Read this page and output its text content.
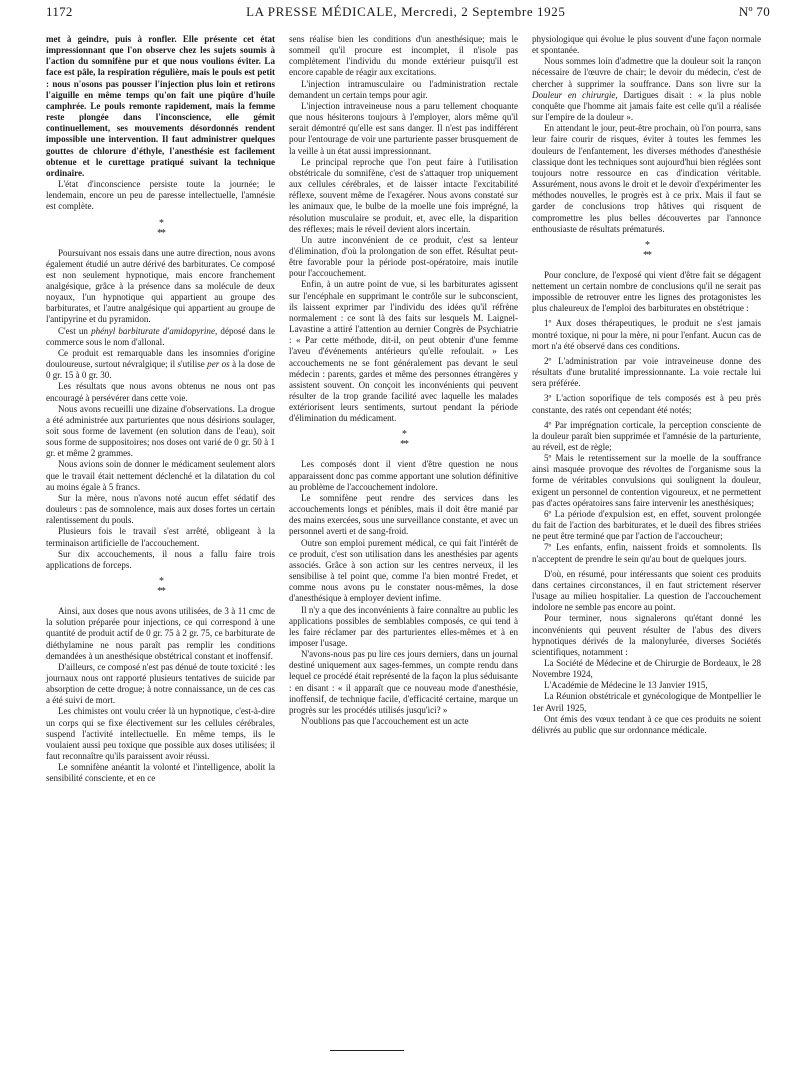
1172	LA PRESSE MÉDICALE, Mercredi, 2 Septembre 1925	Nº 70

met à geindre, puis à ronfler. Elle présente cet état impressionnant que l'on observe chez les sujets soumis à l'action du somnifène pur et que nous voulions éviter. La face est pâle, la respiration régulière, mais le pouls est petit : nous n'osons pas pousser l'injection plus loin et retirons l'aiguille en même temps qu'on fait une piqûre d'huile camphrée. Le pouls remonte rapidement, mais la femme reste plongée dans l'inconscience, elle gémit continuellement, ses mouvements désordonnés rendent impossible une intervention. Il faut administrer quelques gouttes de chlorure d'éthyle, l'anesthésie est facilement obtenue et le curettage pratiqué suivant la technique ordinaire.

L'état d'inconscience persiste toute la journée; le lendemain, encore un peu de paresse intellectuelle, l'amnésie est complète.

*
**

Poursuivant nos essais dans une autre direction, nous avons également étudié un autre dérivé des barbiturates. Ce composé est non seulement hypnotique, mais encore franchement analgésique, grâce à la présence dans sa molécule de deux noyaux, l'un hypnotique qui appartient au groupe des barbiturates, et l'autre analgésique qui appartient au groupe de l'antipyrine et du pyramidon.

C'est un phényl barbiturate d'amidopyrine, déposé dans le commerce sous le nom d'allonal.

Ce produit est remarquable dans les insomnies d'origine douloureuse, surtout névralgique; il s'utilise per os à la dose de 0 gr. 15 à 0 gr. 30.

Les résultats que nous avons obtenus ne nous ont pas encouragé à persévérer dans cette voie.

Nous avons recueilli une dizaine d'observations. La drogue a été administrée aux parturientes que nous désirions soulager, soit sous forme de lavement (en solution dans de l'eau), soit sous forme de suppositoires; nos doses ont varié de 0 gr. 50 à 1 gr. et même 2 grammes.

Nous avions soin de donner le médicament seulement alors que le travail était nettement déclenché et la dilatation du col au moins égale à 5 francs.

Sur la mère, nous n'avons noté aucun effet sédatif des douleurs : pas de somnolence, mais aux doses fortes un certain ralentissement du pouls.

Plusieurs fois le travail s'est arrêté, obligeant à la terminaison artificielle de l'accouchement.

Sur dix accouchements, il nous a fallu faire trois applications de forceps.

*
**

Ainsi, aux doses que nous avons utilisées, de 3 à 11 cmc de la solution préparée pour injections, ce qui correspond à une quantité de produit actif de 0 gr. 75 à 2 gr. 75, ce barbiturate de diéthylamine ne nous paraît pas remplir les conditions demandées à un anesthésique obstétrical constant et inoffensif.

D'ailleurs, ce composé n'est pas dénué de toute toxicité : les journaux nous ont rapporté plusieurs tentatives de suicide par absorption de cette drogue; à notre connaissance, un de ces cas a été suivi de mort.

Les chimistes ont voulu créer là un hypnotique, c'est-à-dire un corps qui se fixe électivement sur les cellules cérébrales, suspend l'activité intellectuelle. En même temps, ils le voulaient aussi peu toxique que possible aux doses utilisées; il faut reconnaître qu'ils paraissent avoir réussi.

Le somnifène anéantit la volonté et l'intelligence, abolit la sensibilité consciente, et en ce

sens réalise bien les conditions d'un anesthésique; mais le sommeil qu'il procure est incomplet, il n'isole pas complètement l'individu du monde extérieur puisqu'il est encore capable de réagir aux excitations.

L'injection intramusculaire ou l'administration rectale demandent un certain temps pour agir.

L'injection intraveineuse nous a paru tellement choquante que nous hésiterons toujours à l'employer, alors même qu'il serait démontré qu'elle est sans danger. Il n'est pas indifférent pour l'entourage de voir une parturiente passer brusquement de la veille à un état aussi impressionnant.

Le principal reproche que l'on peut faire à l'utilisation obstétricale du somnifène, c'est de s'attaquer trop uniquement aux cellules cérébrales, et de laisser intacte l'excitabilité réflexe, souvent même de l'exagérer. Nous avons constaté sur les animaux que, le bulbe de la moelle une fois imprégné, la résolution musculaire se produit, et, avec elle, la disparition des réflexes; mais le réveil devient alors incertain.

Un autre inconvénient de ce produit, c'est sa lenteur d'élimination, d'où la prolongation de son effet. Résultat peut-être favorable pour la période post-opératoire, mais inutile pour l'accouchement.

Enfin, à un autre point de vue, si les barbiturates agissent sur l'encéphale en supprimant le contrôle sur le subconscient, ils laissent exprimer par l'individu des idées qu'il réfrène normalement : ce sont là des faits sur lesquels M. Laignel-Lavastine a attiré l'attention au dernier Congrès de Psychiatrie : « Par cette méthode, dit-il, on peut obtenir d'une femme l'aveu d'événements antérieurs qu'elle refoulait. » Les accouchements ne se font généralement pas devant le seul médecin : parents, gardes et même des personnes étrangères y assistent souvent. On conçoit les inconvénients qui peuvent résulter de la trop grande facilité avec laquelle les malades extériorisent leurs sentiments, surtout pendant la période d'élimination du médicament.

*
**

Les composés dont il vient d'être question ne nous apparaissent donc pas comme apportant une solution définitive au problème de l'accouchement indolore.

Le somnifène peut rendre des services dans les accouchements longs et pénibles, mais il doit être manié par des mains exercées, sous une surveillance constante, et avec un personnel averti et de sang-froid.

Outre son emploi purement médical, ce qui fait l'intérêt de ce produit, c'est son utilisation dans les anesthésies par agents associés. Grâce à son action sur les centres nerveux, il les sensibilise à tel point que, comme l'a bien montré Fredet, et comme nous avons pu le constater nous-mêmes, la dose d'anesthésique à employer devient infime.

Il n'y a que des inconvénients à faire connaître au public les applications possibles de semblables composés, ce qui tend à les faire réclamer par des parturientes elles-mêmes et à en imposer l'usage.

N'avons-nous pas pu lire ces jours derniers, dans un journal destiné uniquement aux sages-femmes, un compte rendu dans lequel ce procédé était représenté de la façon la plus séduisante : en disant : « il apparaît que ce nouveau mode d'anesthésie, inoffensif, de technique facile, d'efficacité certaine, marque un progrès sur les procédés utilisés jusqu'ici? »

N'oublions pas que l'accouchement est un acte

physiologique qui évolue le plus souvent d'une façon normale et spontanée.

Nous sommes loin d'admettre que la douleur soit la rançon nécessaire de l'œuvre de chair; le devoir du médecin, c'est de chercher à supprimer la souffrance. Dans son livre sur la Douleur en chirurgie, Dartigues disait : « la plus noble conquête que l'homme ait jamais faite est celle qu'il a réalisée sur l'empire de la douleur ».

En attendant le jour, peut-être prochain, où l'on pourra, sans leur faire courir de risques, éviter à toutes les femmes les douleurs de l'enfantement, les diverses méthodes d'anesthésie classique dont les techniques sont aujourd'hui bien réglées sont toujours notre ressource en cas d'indication véritable. Assurément, nous avons le droit et le devoir d'expérimenter les méthodes nouvelles, le progrès est à ce prix. Mais il faut se garder de conclusions trop hâtives qui risquent de compromettre les plus belles découvertes par l'annonce enthousiaste de résultats prématurés.

*
**

Pour conclure, de l'exposé qui vient d'être fait se dégagent nettement un certain nombre de conclusions qu'il ne serait pas impossible de retrouver entre les lignes des protagonistes les plus chaleureux de l'emploi des barbiturates en obstétrique :

1º Aux doses thérapeutiques, le produit ne s'est jamais montré toxique, ni pour la mère, ni pour l'enfant. Aucun cas de mort n'a été observé dans ces conditions.

2º L'administration par voie intraveineuse donne des résultats d'une brutalité impressionnante. La voie rectale lui sera préférée.

3º L'action soporifique de tels composés est à peu près constante, des ratés ont cependant été notés;

4º Par imprégnation corticale, la perception consciente de la douleur paraît bien supprimée et l'amnésie de la parturiente, au réveil, est de règle;

5º Mais le retentissement sur la moelle de la souffrance ainsi masquée provoque des révoltes de l'organisme sous la forme de véritables convulsions qui soulignent la douleur, exigent un personnel de contention vigoureux, et ne permettent pas d'actes opératoires sans faire intervenir les anesthésiques;

6º La période d'expulsion est, en effet, souvent prolongée du fait de l'action des barbiturates, et le dueil des fibres striées ne peut être terminé que par l'action de l'accoucheur;

7º Les enfants, enfin, naissent froids et somnolents. Ils n'acceptent de prendre le sein qu'au bout de quelques jours.

D'où, en résumé, pour intéressants que soient ces produits dans certaines circonstances, il en faut strictement réserver l'usage au milieu hospitalier. La question de l'accouchement indolore ne semble pas encore au point.

Pour terminer, nous signalerons qu'étant donné les inconvénients qui peuvent résulter de l'abus des divers hypnotiques dérivés de la malonylurée, diverses Sociétés scientifiques, notamment :

La Société de Médecine et de Chirurgie de Bordeaux, le 28 Novembre 1924,

L'Académie de Médecine le 13 Janvier 1915,

La Réunion obstétricale et gynécologique de Montpellier le 1er Avril 1925,

Ont émis des vœux tendant à ce que ces produits ne soient délivrés au public que sur ordonnance médicale.
